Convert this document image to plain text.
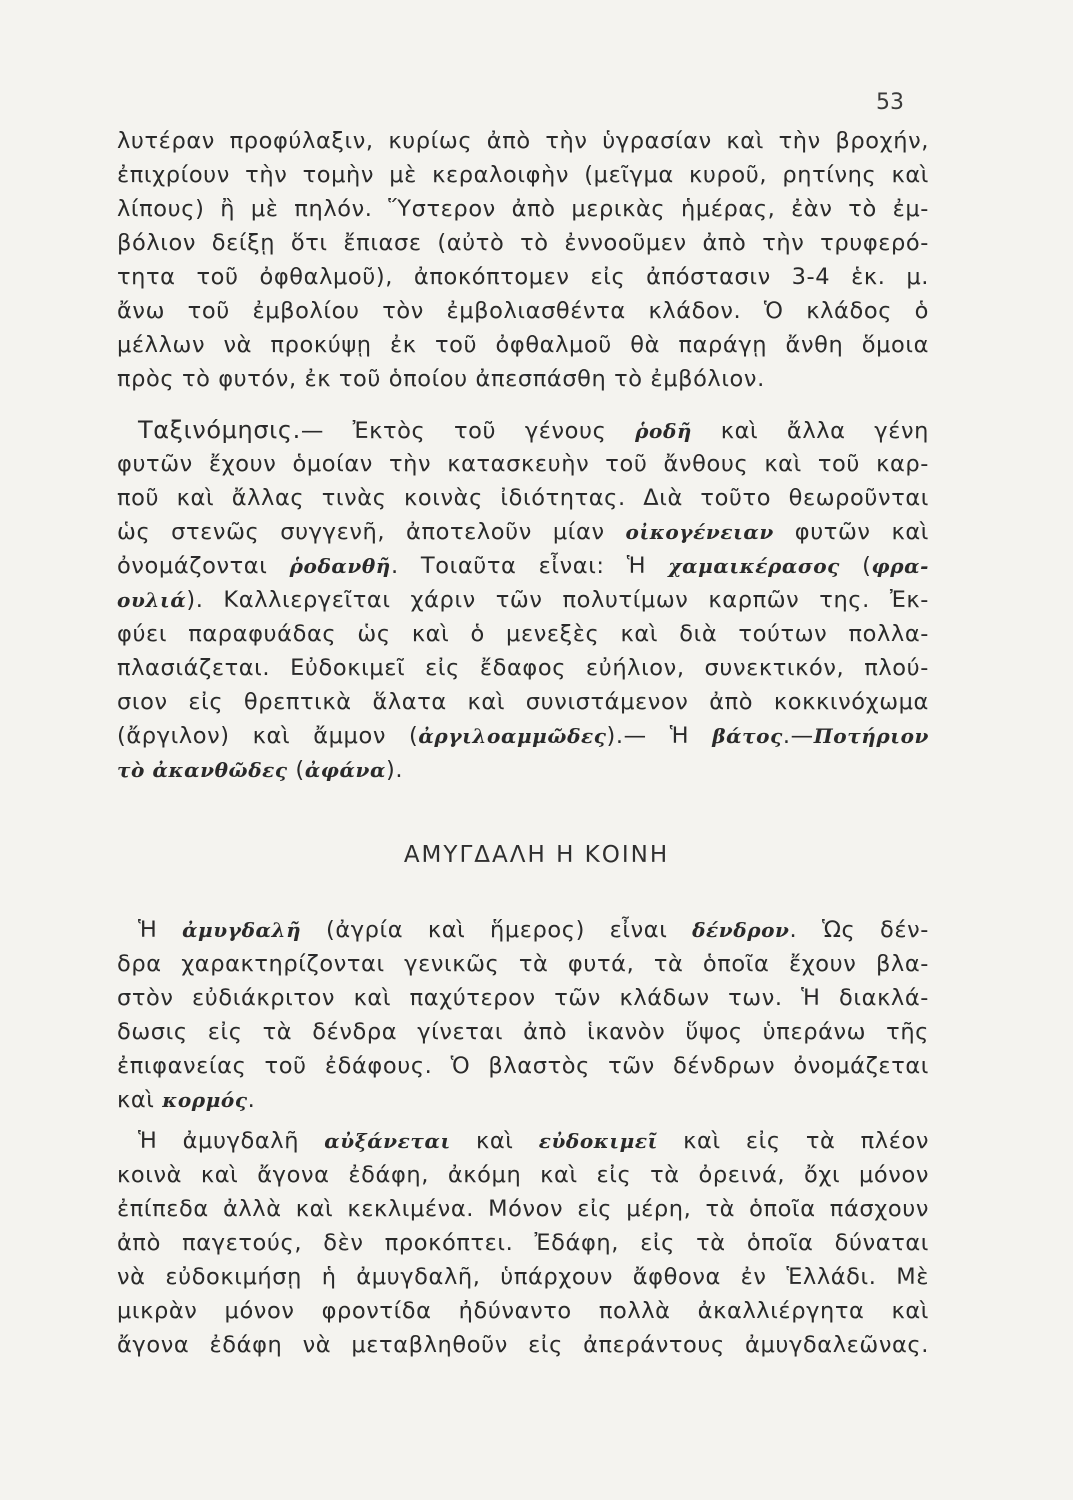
53
λυτέραν προφύλαξιν, κυρίως ἀπὸ τὴν ὑγρασίαν καὶ τὴν βροχήν,
ἐπιχρίουν τὴν τομὴν μὲ κεραλοιφὴν (μεῖγμα κυροῦ, ρητίνης καὶ
λίπους) ἢ μὲ πηλόν. Ὕστερον ἀπὸ μερικὰς ἡμέρας, ἐὰν τὸ ἐμ-
βόλιον δείξῃ ὅτι ἔπιασε (αὐτὸ τὸ ἐννοοῦμεν ἀπὸ τὴν τρυφερό-
τητα τοῦ ὀφθαλμοῦ), ἀποκόπτομεν εἰς ἀπόστασιν 3-4 ἑκ. μ.
ἄνω τοῦ ἐμβολίου τὸν ἐμβολιασθέντα κλάδον. Ὁ κλάδος ὁ
μέλλων νὰ προκύψῃ ἐκ τοῦ ὀφθαλμοῦ θὰ παράγῃ ἄνθη ὅμοια
πρὸς τὸ φυτόν, ἐκ τοῦ ὁποίου ἀπεσπάσθη τὸ ἐμβόλιον.
Ταξινόμησις.— Ἐκτὸς τοῦ γένους ῥοδῆ καὶ ἄλλα γένη
φυτῶν ἔχουν ὁμοίαν τὴν κατασκευὴν τοῦ ἄνθους καὶ τοῦ καρ-
ποῦ καὶ ἄλλας τινὰς κοινὰς ἰδιότητας. Διὰ τοῦτο θεωροῦνται
ὡς στενῶς συγγενῆ, ἀποτελοῦν μίαν οἰκογένειαν φυτῶν καὶ
ὀνομάζονται ῥοδανθῆ. Τοιαῦτα εἶναι: Ἡ χαμαικέρασος (φρα-
ουλιά). Καλλιεργεῖται χάριν τῶν πολυτίμων καρπῶν της. Ἐκ-
φύει παραφυάδας ὡς καὶ ὁ μενεξὲς καὶ διὰ τούτων πολλα-
πλασιάζεται. Εὐδοκιμεῖ εἰς ἔδαφος εὐήλιον, συνεκτικόν, πλού-
σιον εἰς θρεπτικὰ ἅλατα καὶ συνιστάμενον ἀπὸ κοκκινόχωμα
(ἄργιλον) καὶ ἄμμον (ἀργιλοαμμῶδες).— Ἡ βάτος.—Ποτήριον
τὸ ἀκανθῶδες (ἀφάνα).
ΑΜΥΓΔΑΛΗ Η ΚΟΙΝΗ
Ἡ ἀμυγδαλῆ (ἀγρία καὶ ἥμερος) εἶναι δένδρον. Ὡς δέν-
δρα χαρακτηρίζονται γενικῶς τὰ φυτά, τὰ ὁποῖα ἔχουν βλα-
στὸν εὐδιάκριτον καὶ παχύτερον τῶν κλάδων των. Ἡ διακλά-
δωσις εἰς τὰ δένδρα γίνεται ἀπὸ ἱκανὸν ὕψος ὑπεράνω τῆς
ἐπιφανείας τοῦ ἐδάφους. Ὁ βλαστὸς τῶν δένδρων ὀνομάζεται
καὶ κορμός.
Ἡ ἀμυγδαλῆ αὐξάνεται καὶ εὐδοκιμεῖ καὶ εἰς τὰ πλέον
κοινὰ καὶ ἄγονα ἐδάφη, ἀκόμη καὶ εἰς τὰ ὀρεινά, ὄχι μόνον
ἐπίπεδα ἀλλὰ καὶ κεκλιμένα. Μόνον εἰς μέρη, τὰ ὁποῖα πάσχουν
ἀπὸ παγετούς, δὲν προκόπτει. Ἐδάφη, εἰς τὰ ὁποῖα δύναται
νὰ εὐδοκιμήσῃ ἡ ἀμυγδαλῆ, ὑπάρχουν ἄφθονα ἐν Ἑλλάδι. Μὲ
μικρὰν μόνον φροντίδα ἠδύναντο πολλὰ ἀκαλλιέργητα καὶ
ἄγονα ἐδάφη νὰ μεταβληθοῦν εἰς ἀπεράντους ἀμυγδαλεῶνας.
